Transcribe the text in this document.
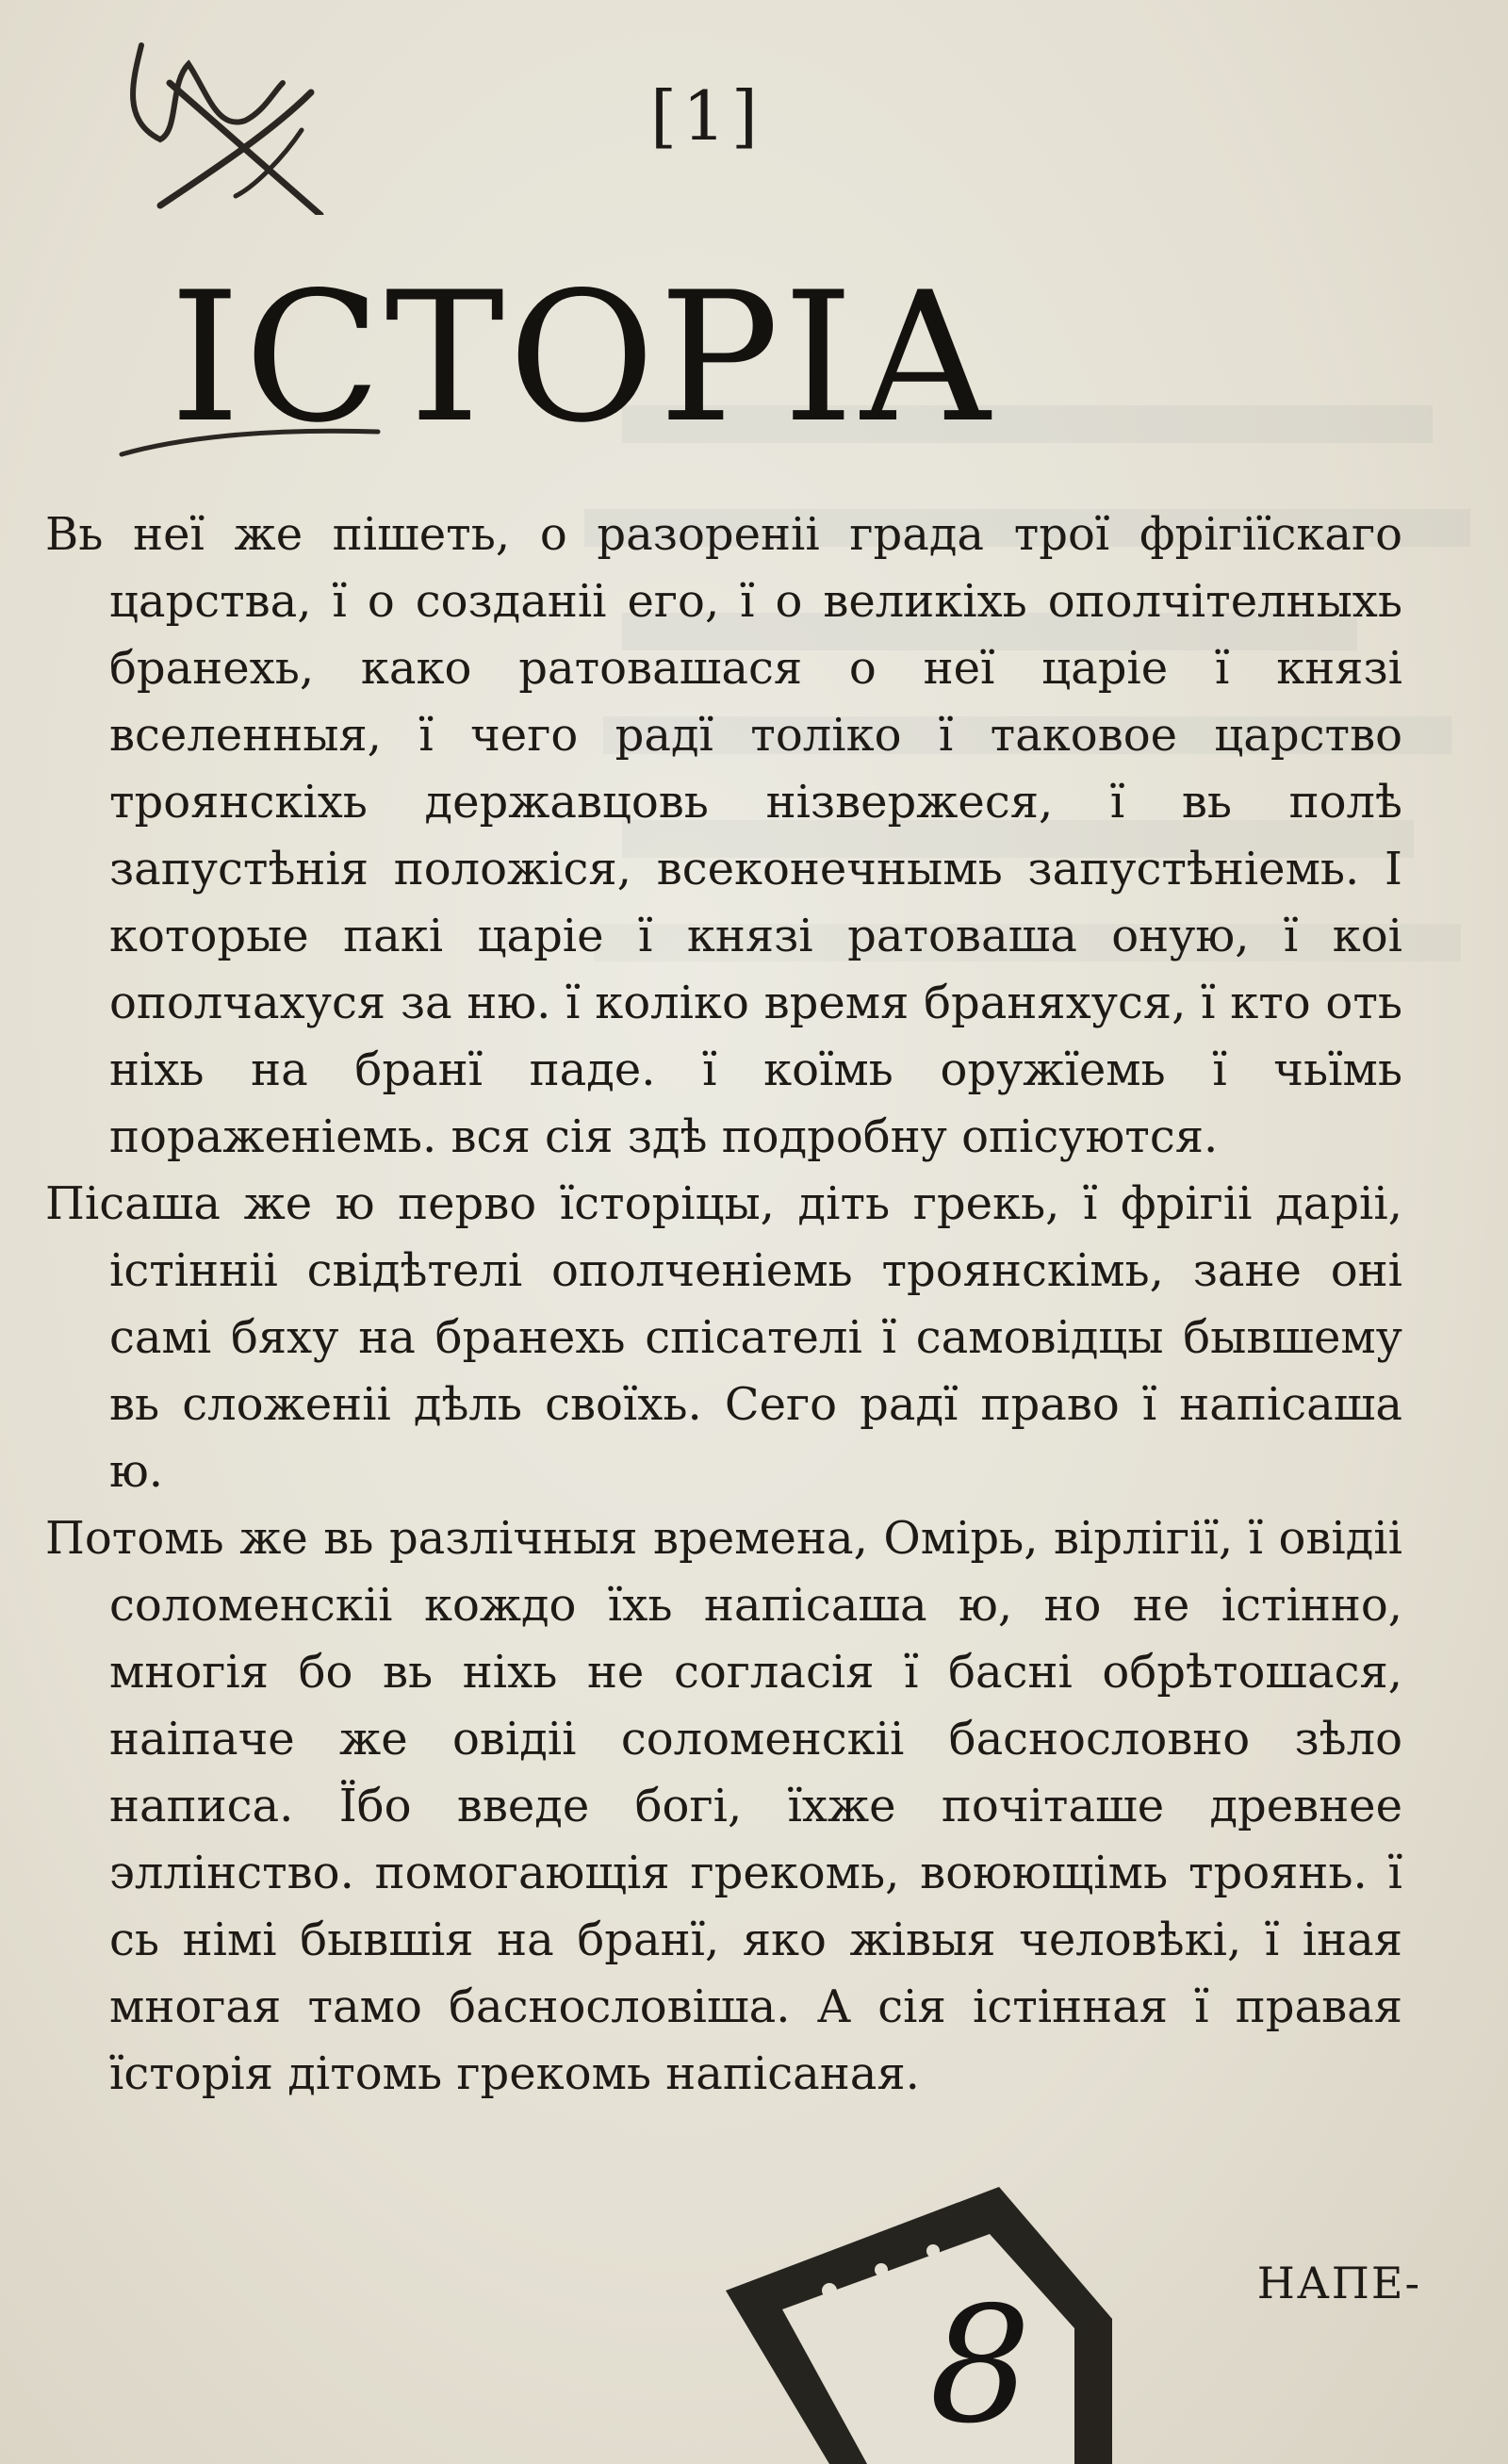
[1]
ІСТОРІА

Вь неї же пішеть, о разореніі града трої фрігіїскаго царства, ї о созданіі его, ї о великіхь ополчітелныхь бранехь, како ратовашася о неї царіе ї князі вселенныя, ї чего радї толіко ї таковое царство троянскіхь державцовь нізвержеся, ї вь полѣ запустѣнія положіся, всеконечнымь запустѣніемь. І которые пакі царіе ї князі ратоваша оную, ї коі ополчахуся за ню. ї коліко время браняхуся, ї кто оть ніхь на бранї паде. ї коїмь оружїемь ї чьїмь пораженіемь. вся сія здѣ подробну опісуются.

Пісаша же ю перво їсторіцы, діть грекь, ї фрігіі даріі, істінніі свідѣтелі ополченіемь троянскімь, зане оні самі бяху на бранехь спісателі ї самовідцы бывшему вь сложеніі дѣль своїхь. Сего радї право ї напісаша ю.

Потомь же вь разлічныя времена, Омірь, вірлігії, ї овідіі соломенскіі кождо їхь напісаша ю, но не істінно, многія бо вь ніхь не согласія ї басні обрѣтошася, наіпаче же овідіі соломенскіі баснословно зѣло написа. Їбо введе богі, їхже почіташе древнее эллінство. помогающія грекомь, воюющімь троянь. ї сь німі бывшія на бранї, яко жівыя человѣкі, ї іная многая тамо баснословіша. А сія істінная ї правая їсторія дітомь грекомь напісаная.

НАПЕ-
8
